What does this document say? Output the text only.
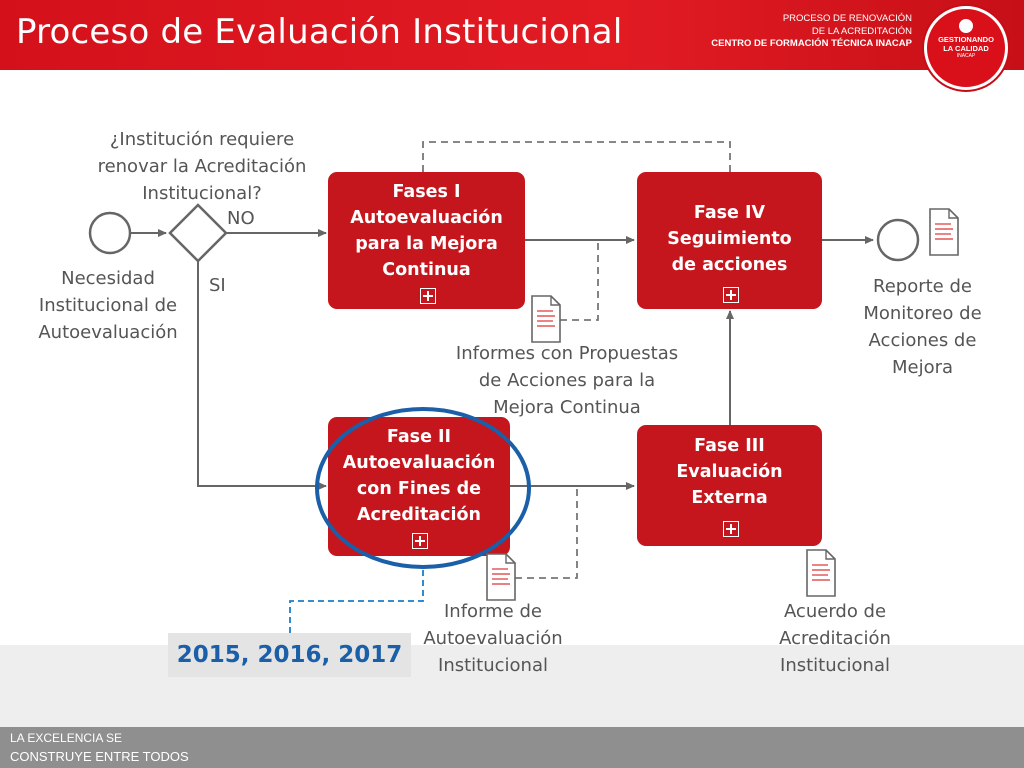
Proceso de Evaluación Institucional	PROCESO DE RENOVACIÓN
DE LA ACREDITACIÓN
CENTRO DE FORMACIÓN TÉCNICA INACAP	GESTIONANDO
LA CALIDAD
INACAP
Fases I Autoevaluación para la Mejora Continua
Fase IV Seguimiento de acciones
Fase II Autoevaluación con Fines de Acreditación
Fase III Evaluación Externa
¿Institución requiere renovar la Acreditación Institucional?
NO
SI
Necesidad Institucional de Autoevaluación
Informes con Propuestas de Acciones para la Mejora Continua
Reporte de Monitoreo de Acciones de Mejora
Informe de Autoevaluación Institucional
Acuerdo de Acreditación Institucional
2015, 2016, 2017
LA EXCELENCIA SE
CONSTRUYE ENTRE TODOS
